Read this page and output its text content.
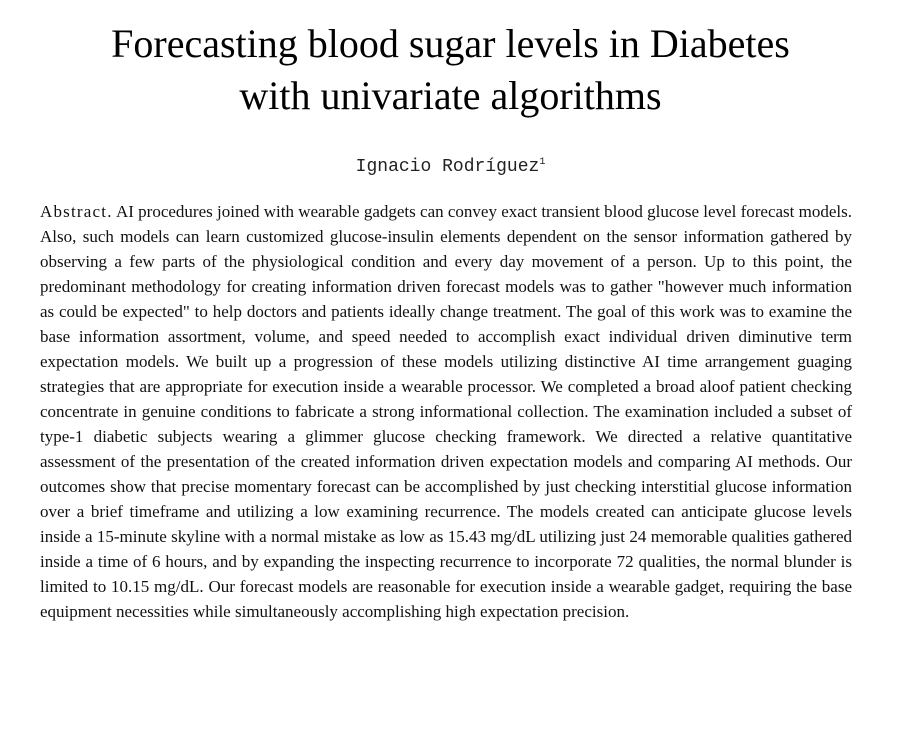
Forecasting blood sugar levels in Diabetes
with univariate algorithms
Ignacio Rodríguez$^1$

Abstract. AI procedures joined with wearable gadgets can convey exact transient blood glucose level forecast models. Also, such models can learn customized glucose-insulin elements dependent on the sensor information gathered by observing a few parts of the physiological condition and every day movement of a person. Up to this point, the predominant methodology for creating information driven forecast models was to gather "however much information as could be expected" to help doctors and patients ideally change treatment. The goal of this work was to examine the base information assortment, volume, and speed needed to accomplish exact individual driven diminutive term expectation models. We built up a progression of these models utilizing distinctive AI time arrangement guaging strategies that are appropriate for execution inside a wearable processor. We completed a broad aloof patient checking concentrate in genuine conditions to fabricate a strong informational collection. The examination included a subset of type-1 diabetic subjects wearing a glimmer glucose checking framework. We directed a relative quantitative assessment of the presentation of the created information driven expectation models and comparing AI methods. Our outcomes show that precise momentary forecast can be accomplished by just checking interstitial glucose information over a brief timeframe and utilizing a low examining recurrence. The models created can anticipate glucose levels inside a 15-minute skyline with a normal mistake as low as 15.43 mg/dL utilizing just 24 memorable qualities gathered inside a time of 6 hours, and by expanding the inspecting recurrence to incorporate 72 qualities, the normal blunder is limited to 10.15 mg/dL. Our forecast models are reasonable for execution inside a wearable gadget, requiring the base equipment necessities while simultaneously accomplishing high expectation precision.
